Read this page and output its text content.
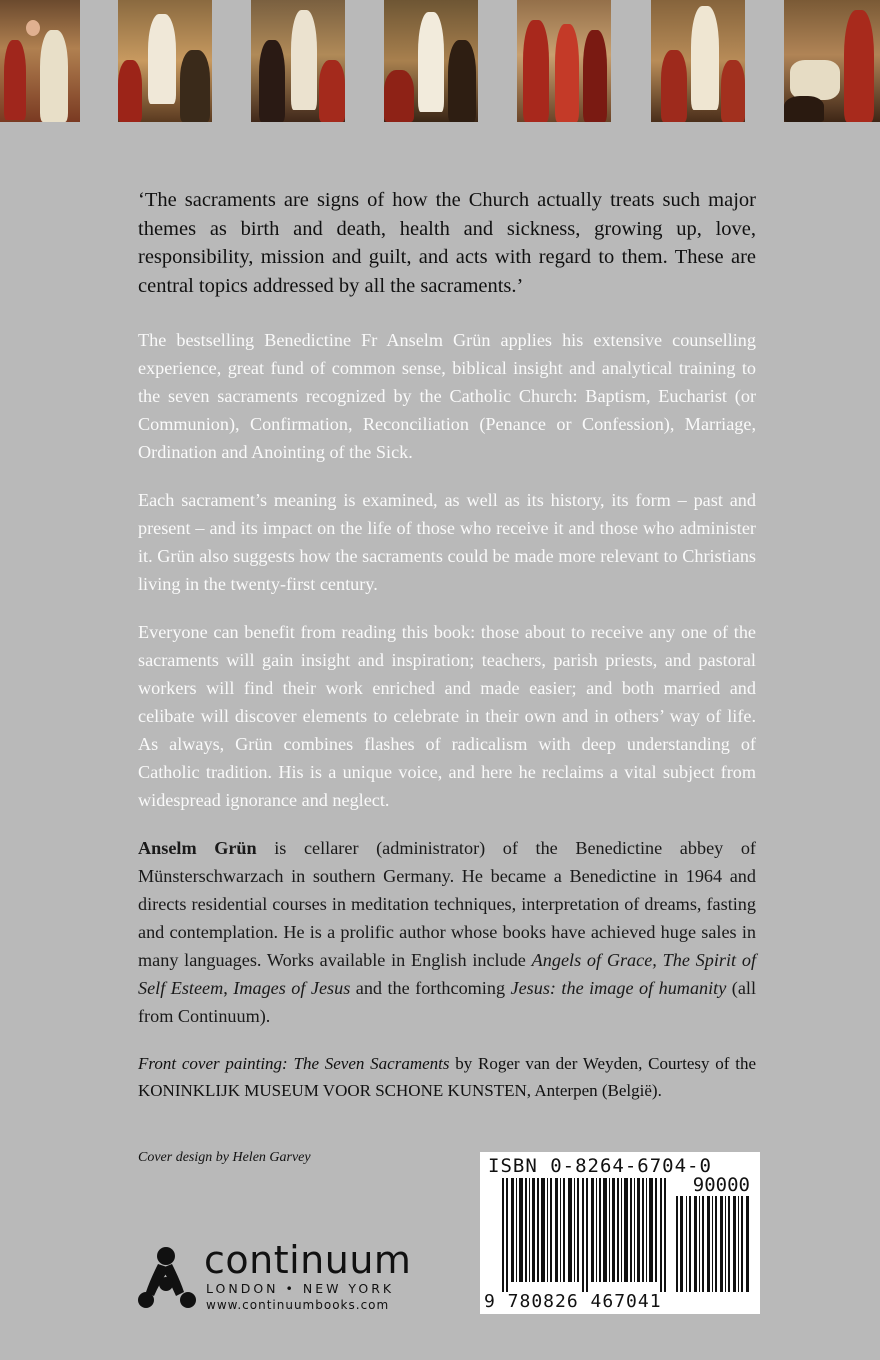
‘The sacraments are signs of how the Church actually treats such major themes as birth and death, health and sickness, growing up, love, responsibility, mission and guilt, and acts with regard to them. These are central topics addressed by all the sacraments.’

The bestselling Benedictine Fr Anselm Grün applies his extensive counselling experience, great fund of common sense, biblical insight and analytical training to the seven sacraments recognized by the Catholic Church: Baptism, Eucharist (or Communion), Confirmation, Reconciliation (Penance or Confession), Marriage, Ordination and Anointing of the Sick.

Each sacrament’s meaning is examined, as well as its history, its form – past and present – and its impact on the life of those who receive it and those who administer it. Grün also suggests how the sacraments could be made more relevant to Christians living in the twenty-first century.

Everyone can benefit from reading this book: those about to receive any one of the sacraments will gain insight and inspiration; teachers, parish priests, and pastoral workers will find their work enriched and made easier; and both married and celibate will discover elements to celebrate in their own and in others’ way of life. As always, Grün combines flashes of radicalism with deep understanding of Catholic tradition. His is a unique voice, and here he reclaims a vital subject from widespread ignorance and neglect.

Anselm Grün is cellarer (administrator) of the Benedictine abbey of Münsterschwarzach in southern Germany. He became a Benedictine in 1964 and directs residential courses in meditation techniques, interpretation of dreams, fasting and contemplation. He is a prolific author whose books have achieved huge sales in many languages. Works available in English include Angels of Grace, The Spirit of Self Esteem, Images of Jesus and the forthcoming Jesus: the image of humanity (all from Continuum).

Front cover painting: The Seven Sacraments by Roger van der Weyden, Courtesy of the KONINKLIJK MUSEUM VOOR SCHONE KUNSTEN, Anterpen (België).

Cover design by Helen Garvey
continuum
LONDON • NEW YORK
www.continuumbooks.com
ISBN 0-8264-6704-0
90000
9 780826 467041
